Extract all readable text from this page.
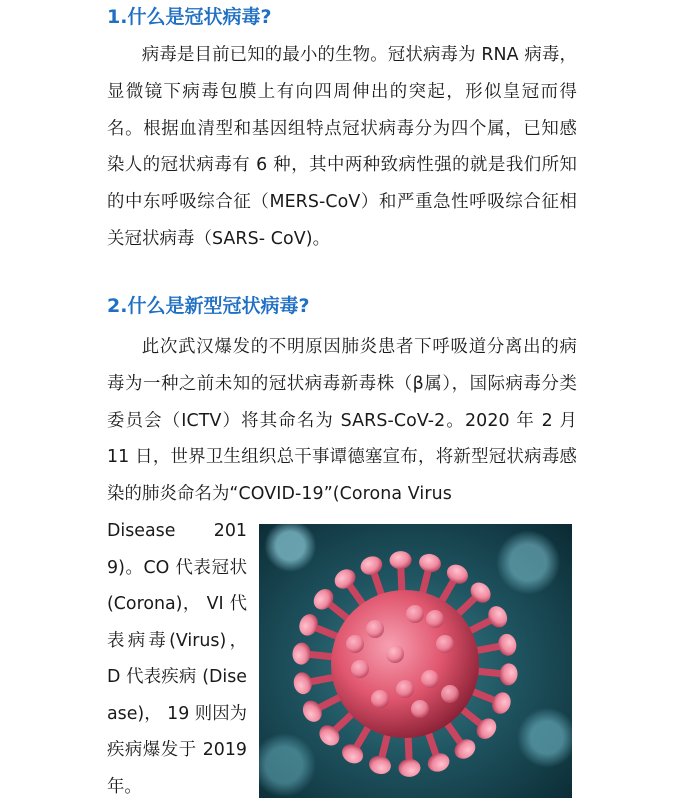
1.什么是冠状病毒?

病毒是目前已知的最小的生物。冠状病毒为 RNA 病毒，显微镜下病毒包膜上有向四周伸出的突起，形似皇冠而得名。根据血清型和基因组特点冠状病毒分为四个属，已知感染人的冠状病毒有 6 种，其中两种致病性强的就是我们所知的中东呼吸综合征（MERS-CoV）和严重急性呼吸综合征相关冠状病毒（SARS- CoV)。

2.什么是新型冠状病毒?

此次武汉爆发的不明原因肺炎患者下呼吸道分离出的病毒为一种之前未知的冠状病毒新毒株（β属），国际病毒分类委员会（ICTV）将其命名为 SARS-CoV-2。2020 年 2 月 11 日，世界卫生组织总干事谭德塞宣布，将新型冠状病毒感染的肺炎命名为“COVID-19”(Corona Virus

Disease 2019)。CO 代表冠状 (Corona)， VI 代表病毒(Virus)，D 代表疾病 (Disease)， 19 则因为疾病爆发于 2019 年。
